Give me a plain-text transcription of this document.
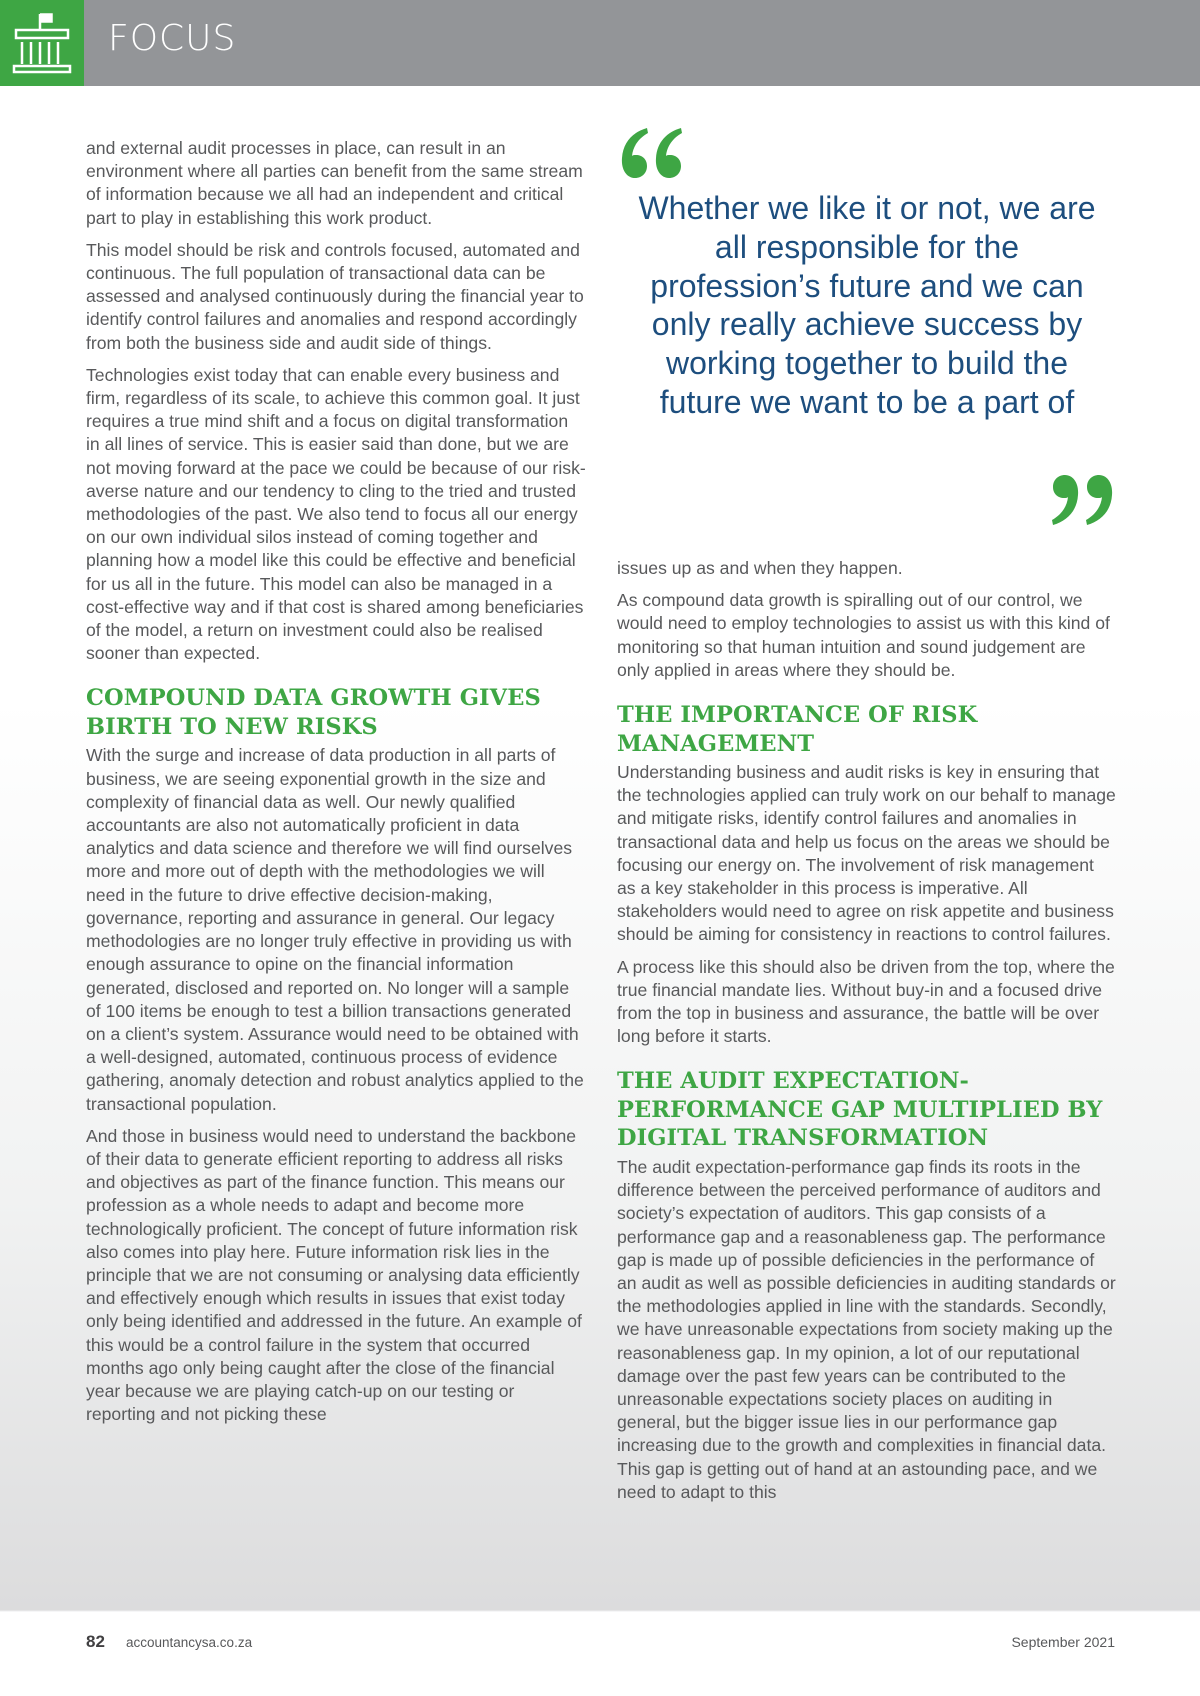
FOCUS

and external audit processes in place, can result in an environment where all parties can benefit from the same stream of information because we all had an independent and critical part to play in establishing this work product.

This model should be risk and controls focused, automated and continuous. The full population of transactional data can be assessed and analysed continuously during the financial year to identify control failures and anomalies and respond accordingly from both the business side and audit side of things.

Technologies exist today that can enable every business and firm, regardless of its scale, to achieve this common goal. It just requires a true mind shift and a focus on digital transformation in all lines of service. This is easier said than done, but we are not moving forward at the pace we could be because of our risk-averse nature and our tendency to cling to the tried and trusted methodologies of the past. We also tend to focus all our energy on our own individual silos instead of coming together and planning how a model like this could be effective and beneficial for us all in the future. This model can also be managed in a cost-effective way and if that cost is shared among beneficiaries of the model, a return on investment could also be realised sooner than expected.

COMPOUND DATA GROWTH GIVES BIRTH TO NEW RISKS

With the surge and increase of data production in all parts of business, we are seeing exponential growth in the size and complexity of financial data as well. Our newly qualified accountants are also not automatically proficient in data analytics and data science and therefore we will find ourselves more and more out of depth with the methodologies we will need in the future to drive effective decision-making, governance, reporting and assurance in general. Our legacy methodologies are no longer truly effective in providing us with enough assurance to opine on the financial information generated, disclosed and reported on. No longer will a sample of 100 items be enough to test a billion transactions generated on a client’s system. Assurance would need to be obtained with a well-designed, automated, continuous process of evidence gathering, anomaly detection and robust analytics applied to the transactional population.

And those in business would need to understand the backbone of their data to generate efficient reporting to address all risks and objectives as part of the finance function. This means our profession as a whole needs to adapt and become more technologically proficient. The concept of future information risk also comes into play here. Future information risk lies in the principle that we are not consuming or analysing data efficiently and effectively enough which results in issues that exist today only being identified and addressed in the future. An example of this would be a control failure in the system that occurred months ago only being caught after the close of the financial year because we are playing catch-up on our testing or reporting and not picking these

Whether we like it or not, we are all responsible for the profession’s future and we can only really achieve success by working together to build the future we want to be a part of

issues up as and when they happen.

As compound data growth is spiralling out of our control, we would need to employ technologies to assist us with this kind of monitoring so that human intuition and sound judgement are only applied in areas where they should be.

THE IMPORTANCE OF RISK MANAGEMENT

Understanding business and audit risks is key in ensuring that the technologies applied can truly work on our behalf to manage and mitigate risks, identify control failures and anomalies in transactional data and help us focus on the areas we should be focusing our energy on. The involvement of risk management as a key stakeholder in this process is imperative. All stakeholders would need to agree on risk appetite and business should be aiming for consistency in reactions to control failures.

A process like this should also be driven from the top, where the true financial mandate lies. Without buy-in and a focused drive from the top in business and assurance, the battle will be over long before it starts.

THE AUDIT EXPECTATION-PERFORMANCE GAP MULTIPLIED BY DIGITAL TRANSFORMATION

The audit expectation-performance gap finds its roots in the difference between the perceived performance of auditors and society’s expectation of auditors. This gap consists of a performance gap and a reasonableness gap. The performance gap is made up of possible deficiencies in the performance of an audit as well as possible deficiencies in auditing standards or the methodologies applied in line with the standards. Secondly, we have unreasonable expectations from society making up the reasonableness gap. In my opinion, a lot of our reputational damage over the past few years can be contributed to the unreasonable expectations society places on auditing in general, but the bigger issue lies in our performance gap increasing due to the growth and complexities in financial data. This gap is getting out of hand at an astounding pace, and we need to adapt to this

82 accountancysa.co.za	September 2021
